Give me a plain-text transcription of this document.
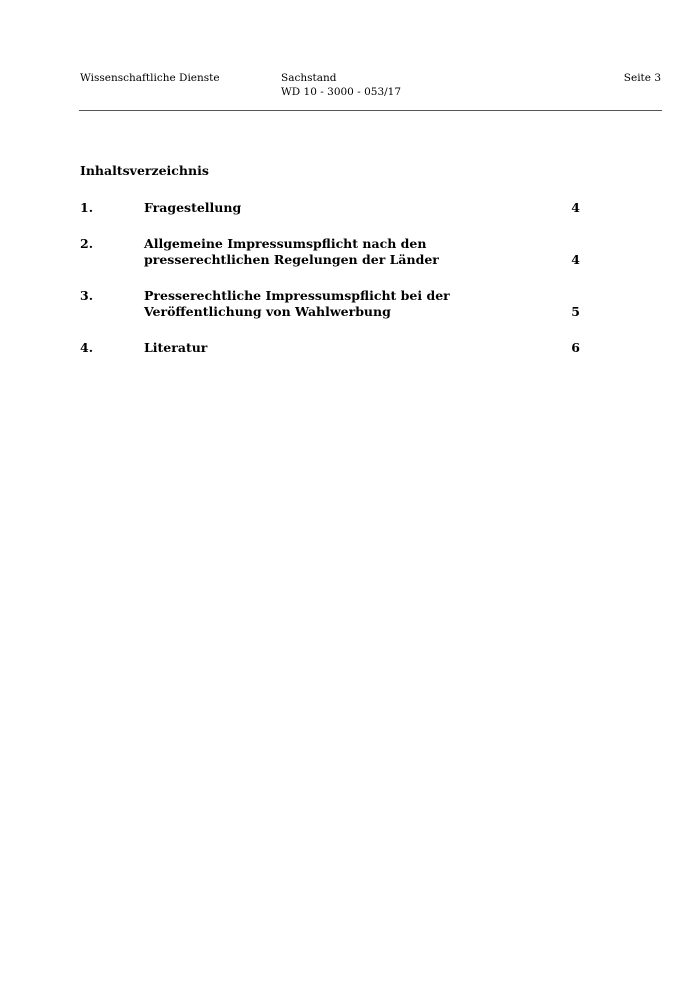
Wissenschaftliche Dienste	Sachstand
WD 10 - 3000 - 053/17
Seite 3
Inhaltsverzeichnis
1.	Fragestellung	4
2.	Allgemeine Impressumspflicht nach den
presserechtlichen Regelungen der Länder	4
3.	Presserechtliche Impressumspflicht bei der
Veröffentlichung von Wahlwerbung	5
4.	Literatur	6
